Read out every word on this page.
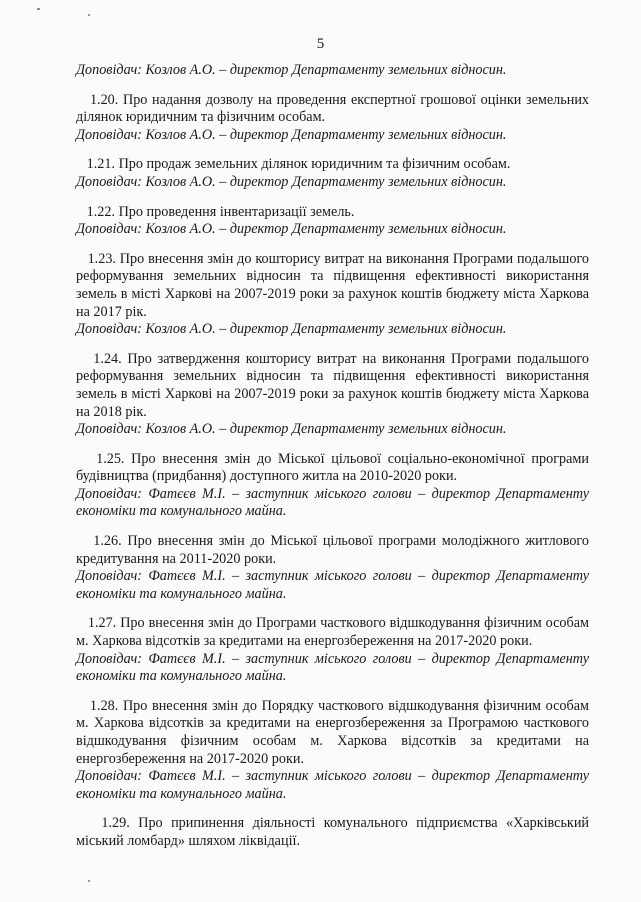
5

Доповідач: Козлов А.О. – директор Департаменту земельних відносин.

1.20. Про надання дозволу на проведення експертної грошової оцінки земельних ділянок юридичним та фізичним особам.

Доповідач: Козлов А.О. – директор Департаменту земельних відносин.

1.21. Про продаж земельних ділянок юридичним та фізичним особам.

Доповідач: Козлов А.О. – директор Департаменту земельних відносин.

1.22. Про проведення інвентаризації земель.

Доповідач: Козлов А.О. – директор Департаменту земельних відносин.

1.23. Про внесення змін до кошторису витрат на виконання Програми подальшого реформування земельних відносин та підвищення ефективності використання земель в місті Харкові на 2007-2019 роки за рахунок коштів бюджету міста Харкова на 2017 рік.

Доповідач: Козлов А.О. – директор Департаменту земельних відносин.

1.24. Про затвердження кошторису витрат на виконання Програми подальшого реформування земельних відносин та підвищення ефективності використання земель в місті Харкові на 2007-2019 роки за рахунок коштів бюджету міста Харкова на 2018 рік.

Доповідач: Козлов А.О. – директор Департаменту земельних відносин.

1.25. Про внесення змін до Міської цільової соціально-економічної програми будівництва (придбання) доступного житла на 2010-2020 роки.

Доповідач: Фатєєв М.І. – заступник міського голови – директор Департаменту економіки та комунального майна.

1.26. Про внесення змін до Міської цільової програми молодіжного житлового кредитування на 2011-2020 роки.

Доповідач: Фатєєв М.І. – заступник міського голови – директор Департаменту економіки та комунального майна.

1.27. Про внесення змін до Програми часткового відшкодування фізичним особам м. Харкова відсотків за кредитами на енергозбереження на 2017-2020 роки.

Доповідач: Фатєєв М.І. – заступник міського голови – директор Департаменту економіки та комунального майна.

1.28. Про внесення змін до Порядку часткового відшкодування фізичним особам м. Харкова відсотків за кредитами на енергозбереження за Програмою часткового відшкодування фізичним особам м. Харкова відсотків за кредитами на енергозбереження на 2017-2020 роки.

Доповідач: Фатєєв М.І. – заступник міського голови – директор Департаменту економіки та комунального майна.

1.29. Про припинення діяльності комунального підприємства «Харківський міський ломбард» шляхом ліквідації.
